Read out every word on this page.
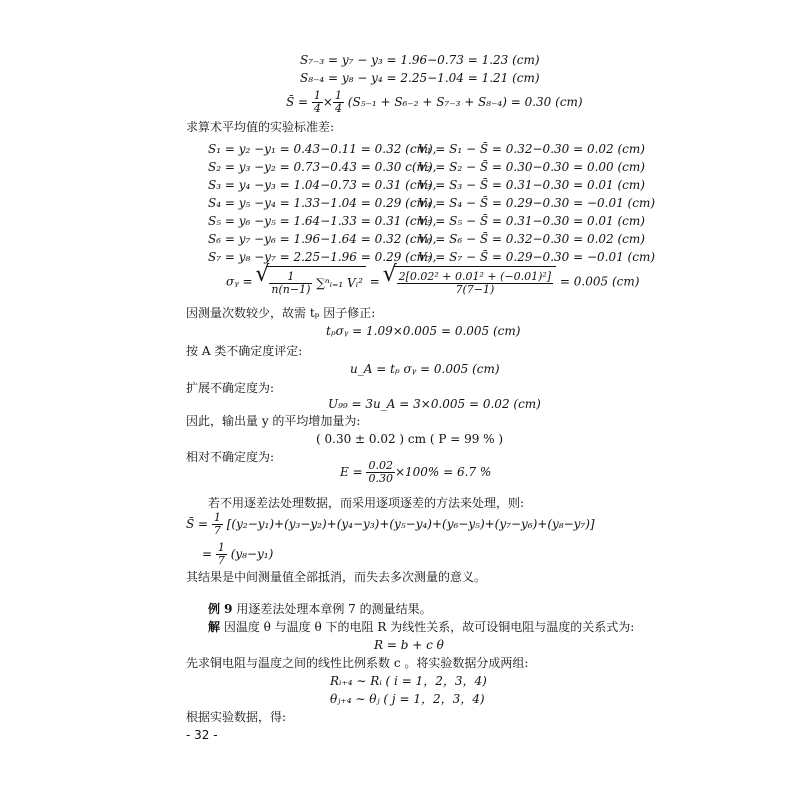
S₇₋₃ = y₇ − y₃ = 1.96−0.73 = 1.23 (cm)
S₈₋₄ = y₈ − y₄ = 2.25−1.04 = 1.21 (cm)
S̄ = $\frac{1}{4} \times \frac{1}{4} (S_{5-1} + S_{6-2} + S_{7-3} + S_{8-4}) = 0.30$ (cm)
求算术平均值的实验标准差:
S₁ = y₂ −y₁ = 0.43−0.11 = 0.32 (cm),
V₁ = S₁ − S̄ = 0.32−0.30 = 0.02 (cm)
S₂ = y₃ −y₂ = 0.73−0.43 = 0.30 c(m),
V₂ = S₂ − S̄ = 0.30−0.30 = 0.00 (cm)
S₃ = y₄ −y₃ = 1.04−0.73 = 0.31 (cm),
V₃ = S₃ − S̄ = 0.31−0.30 = 0.01 (cm)
S₄ = y₅ −y₄ = 1.33−1.04 = 0.29 (cm),
V₄ = S₄ − S̄ = 0.29−0.30 = −0.01 (cm)
S₅ = y₆ −y₅ = 1.64−1.33 = 0.31 (cm),
V₅ = S₅ − S̄ = 0.31−0.30 = 0.01 (cm)
S₆ = y₇ −y₆ = 1.96−1.64 = 0.32 (cm),
V₆ = S₆ − S̄ = 0.32−0.30 = 0.02 (cm)
S₇ = y₈ −y₇ = 2.25−1.96 = 0.29 (cm),
V₇ = S₇ − S̄ = 0.29−0.30 = −0.01 (cm)
σᵧ = √ $\frac{1}{n(n-1)}$ ∑ⁿᵢ₌₁ Vᵢ² = √ $\frac{\text{2[0.02² + 0.01² + (−0.01)²]}}{7(7-1)} = 0.005$ (cm)
因测量次数较少，故需 tₚ 因子修正:
tₚσᵧ = 1.09×0.005 = 0.005 (cm)
按 A 类不确定度评定:
u_A = tₚ σᵧ = 0.005 (cm)
扩展不确定度为:
U₉₉ = 3u_A = 3×0.005 = 0.02 (cm)
因此，输出量 y 的平均增加量为:
( 0.30 ± 0.02 ) cm ( P = 99 % )
相对不确定度为:
$E = \frac{0.02}{0.30} \times 100\% = 6.7$ %
若不用逐差法处理数据，而采用逐项逐差的方法来处理，则:
S̄ = $\frac{1}{7} [(y_2-y_1)+(y_3-y_2)+(y_4-y_3)+(y_5-y_4)+(y_6-y_5)+(y_7-y_6)+(y_8-y_7)]$
= $\frac{1}{7} (y_8-y_1)$
其结果是中间测量值全部抵消，而失去多次测量的意义。
例 9 用逐差法处理本章例 7 的测量结果。
解 因温度 θ 与温度 θ 下的电阻 R 为线性关系，故可设铜电阻与温度的关系式为:
R = b + c θ
先求铜电阻与温度之间的线性比例系数 c 。将实验数据分成两组:
Rᵢ₊₄ ∼ Rᵢ ( i = 1，2，3，4)
θⱼ₊₄ ∼ θⱼ ( j = 1，2，3，4)
根据实验数据，得:
- 32 -
